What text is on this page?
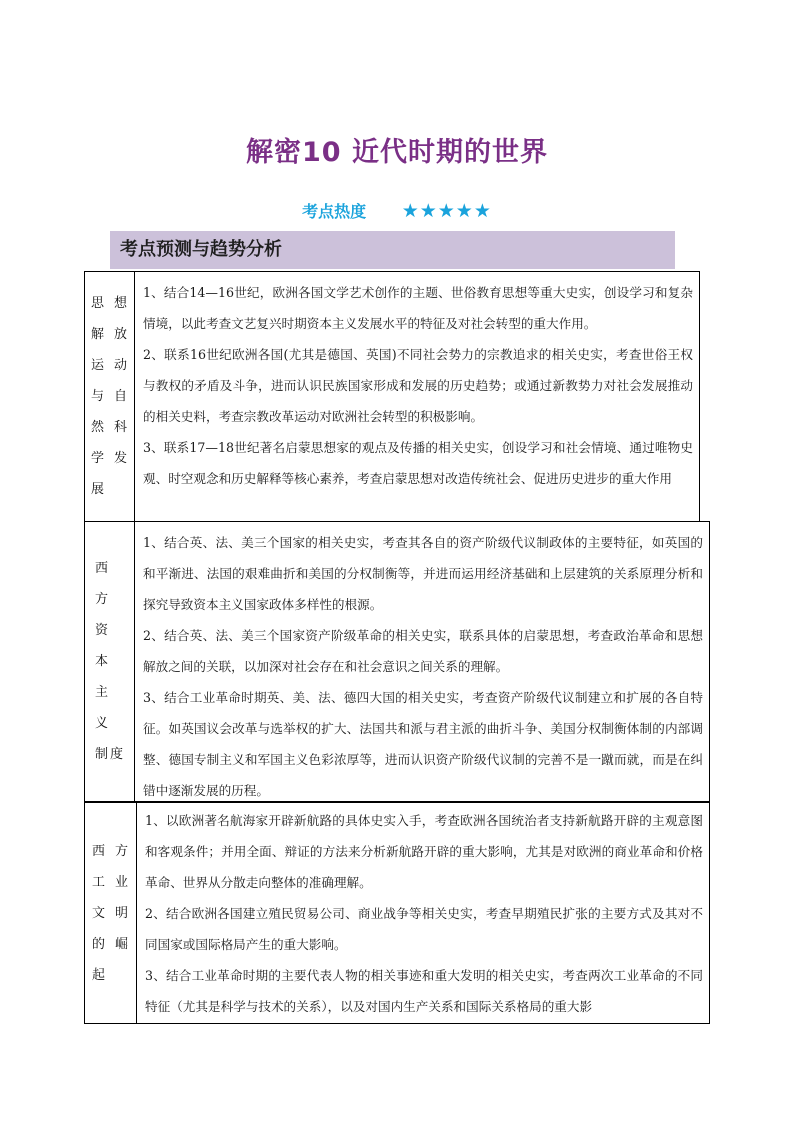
解密10 近代时期的世界
考点热度 ★★★★★
考点预测与趋势分析
思 想 解 放 运 动 与 自 然 科 学 发 展
1、结合14—16世纪，欧洲各国文学艺术创作的主题、世俗教育思想等重大史实，创设学习和复杂情境，以此考查文艺复兴时期资本主义发展水平的特征及对社会转型的重大作用。
2、联系16世纪欧洲各国(尤其是德国、英国)不同社会势力的宗教追求的相关史实，考查世俗王权与教权的矛盾及斗争，进而认识民族国家形成和发展的历史趋势；或通过新教势力对社会发展推动的相关史料，考查宗教改革运动对欧洲社会转型的积极影响。
3、联系17—18世纪著名启蒙思想家的观点及传播的相关史实，创设学习和社会情境、通过唯物史观、时空观念和历史解释等核心素养，考查启蒙思想对改造传统社会、促进历史进步的重大作用
西 方 资 本 主 义 制度
1、结合英、法、美三个国家的相关史实，考查其各自的资产阶级代议制政体的主要特征，如英国的和平渐进、法国的艰难曲折和美国的分权制衡等，并进而运用经济基础和上层建筑的关系原理分析和探究导致资本主义国家政体多样性的根源。
2、结合英、法、美三个国家资产阶级革命的相关史实，联系具体的启蒙思想，考查政治革命和思想解放之间的关联，以加深对社会存在和社会意识之间关系的理解。
3、结合工业革命时期英、美、法、德四大国的相关史实，考查资产阶级代议制建立和扩展的各自特征。如英国议会改革与选举权的扩大、法国共和派与君主派的曲折斗争、美国分权制衡体制的内部调整、德国专制主义和军国主义色彩浓厚等，进而认识资产阶级代议制的完善不是一蹴而就，而是在纠错中逐渐发展的历程。
西 方 工 业 文 明 的 崛 起
1、以欧洲著名航海家开辟新航路的具体史实入手，考查欧洲各国统治者支持新航路开辟的主观意图和客观条件；并用全面、辩证的方法来分析新航路开辟的重大影响，尤其是对欧洲的商业革命和价格革命、世界从分散走向整体的准确理解。
2、结合欧洲各国建立殖民贸易公司、商业战争等相关史实，考查早期殖民扩张的主要方式及其对不同国家或国际格局产生的重大影响。
3、结合工业革命时期的主要代表人物的相关事迹和重大发明的相关史实，考查两次工业革命的不同特征（尤其是科学与技术的关系），以及对国内生产关系和国际关系格局的重大影
